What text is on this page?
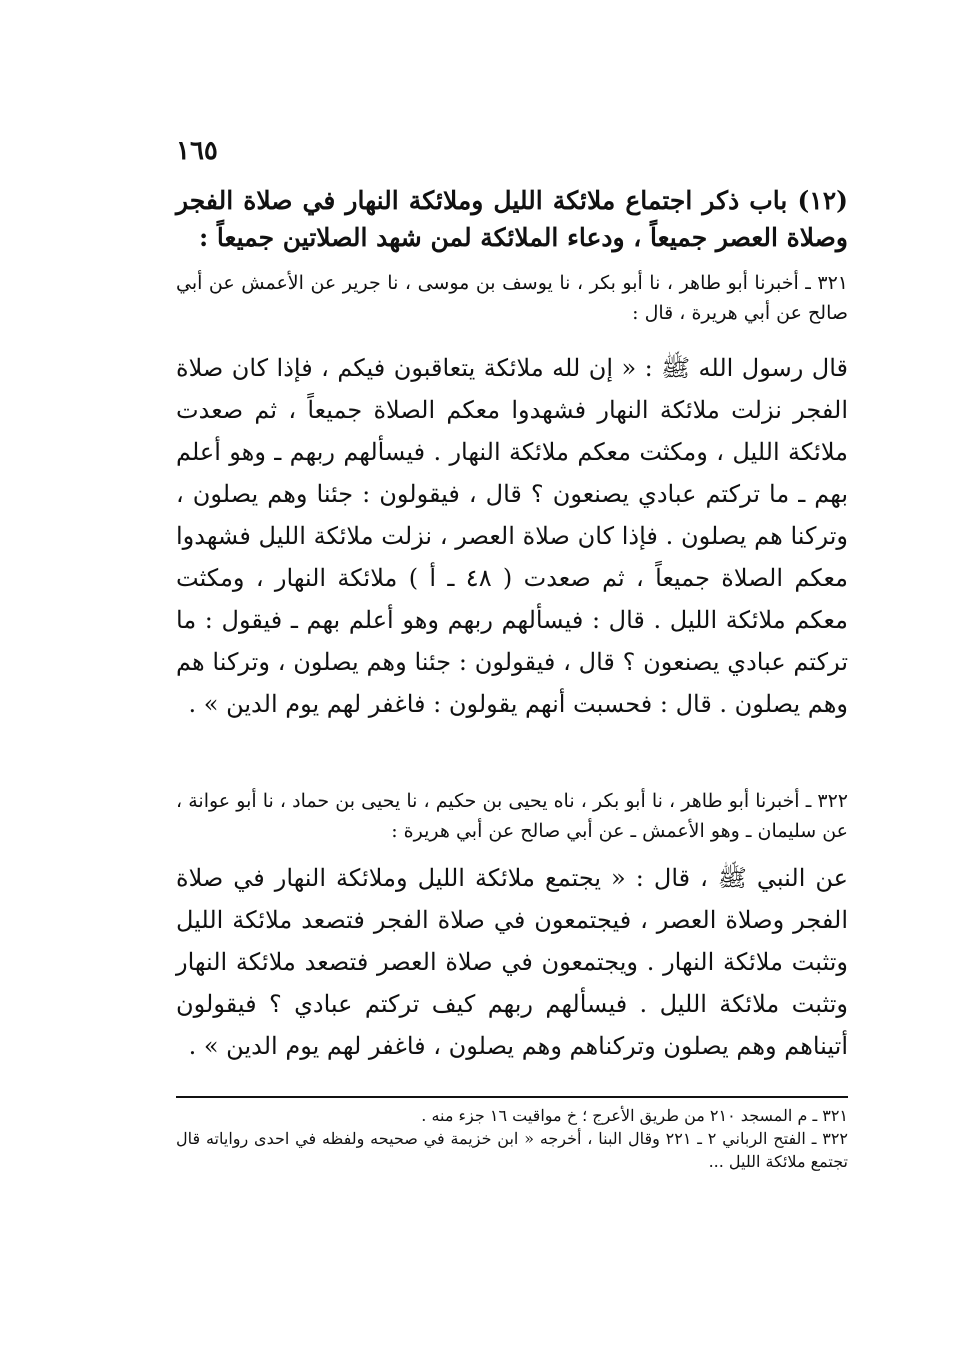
١٦٥
(١٢) باب ذكر اجتماع ملائكة الليل وملائكة النهار في صلاة الفجر وصلاة العصر جميعاً ، ودعاء الملائكة لمن شهد الصلاتين جميعاً :
٣٢١ ـ أخبرنا أبو طاهر ، نا أبو بكر ، نا يوسف بن موسى ، نا جرير عن الأعمش عن أبي صالح عن أبي هريرة ، قال :
قال رسول الله ﷺ : « إن لله ملائكة يتعاقبون فيكم ، فإذا كان صلاة الفجر نزلت ملائكة النهار فشهدوا معكم الصلاة جميعاً ، ثم صعدت ملائكة الليل ، ومكثت معكم ملائكة النهار . فيسألهم ربهم ـ وهو أعلم بهم ـ ما تركتم عبادي يصنعون ؟ قال ، فيقولون : جئنا وهم يصلون ، وتركنا هم يصلون . فإذا كان صلاة العصر ، نزلت ملائكة الليل فشهدوا معكم الصلاة جميعاً ، ثم صعدت ( ٤٨ ـ أ ) ملائكة النهار ، ومكثت معكم ملائكة الليل . قال : فيسألهم ربهم وهو أعلم بهم ـ فيقول : ما تركتم عبادي يصنعون ؟ قال ، فيقولون : جئنا وهم يصلون ، وتركنا هم وهم يصلون . قال : فحسبت أنهم يقولون : فاغفر لهم يوم الدين » .
٣٢٢ ـ أخبرنا أبو طاهر ، نا أبو بكر ، ناه يحيى بن حكيم ، نا يحيى بن حماد ، نا أبو عوانة ، عن سليمان ـ وهو الأعمش ـ عن أبي صالح عن أبي هريرة :
عن النبي ﷺ ، قال : « يجتمع ملائكة الليل وملائكة النهار في صلاة الفجر وصلاة العصر ، فيجتمعون في صلاة الفجر فتصعد ملائكة الليل وتثبت ملائكة النهار . ويجتمعون في صلاة العصر فتصعد ملائكة النهار وتثبت ملائكة الليل . فيسألهم ربهم كيف تركتم عبادي ؟ فيقولون أتيناهم وهم يصلون وتركناهم وهم يصلون ، فاغفر لهم يوم الدين » .

٣٢١ ـ م المسجد ٢١٠ من طريق الأعرج ؛ خ مواقيت ١٦ جزء منه .

٣٢٢ ـ الفتح الرباني ٢ ـ ٢٢١ وقال البنا ، أخرجه « ابن خزيمة في صحيحه ولفظه في احدى رواياته قال تجتمع ملائكة الليل ...
